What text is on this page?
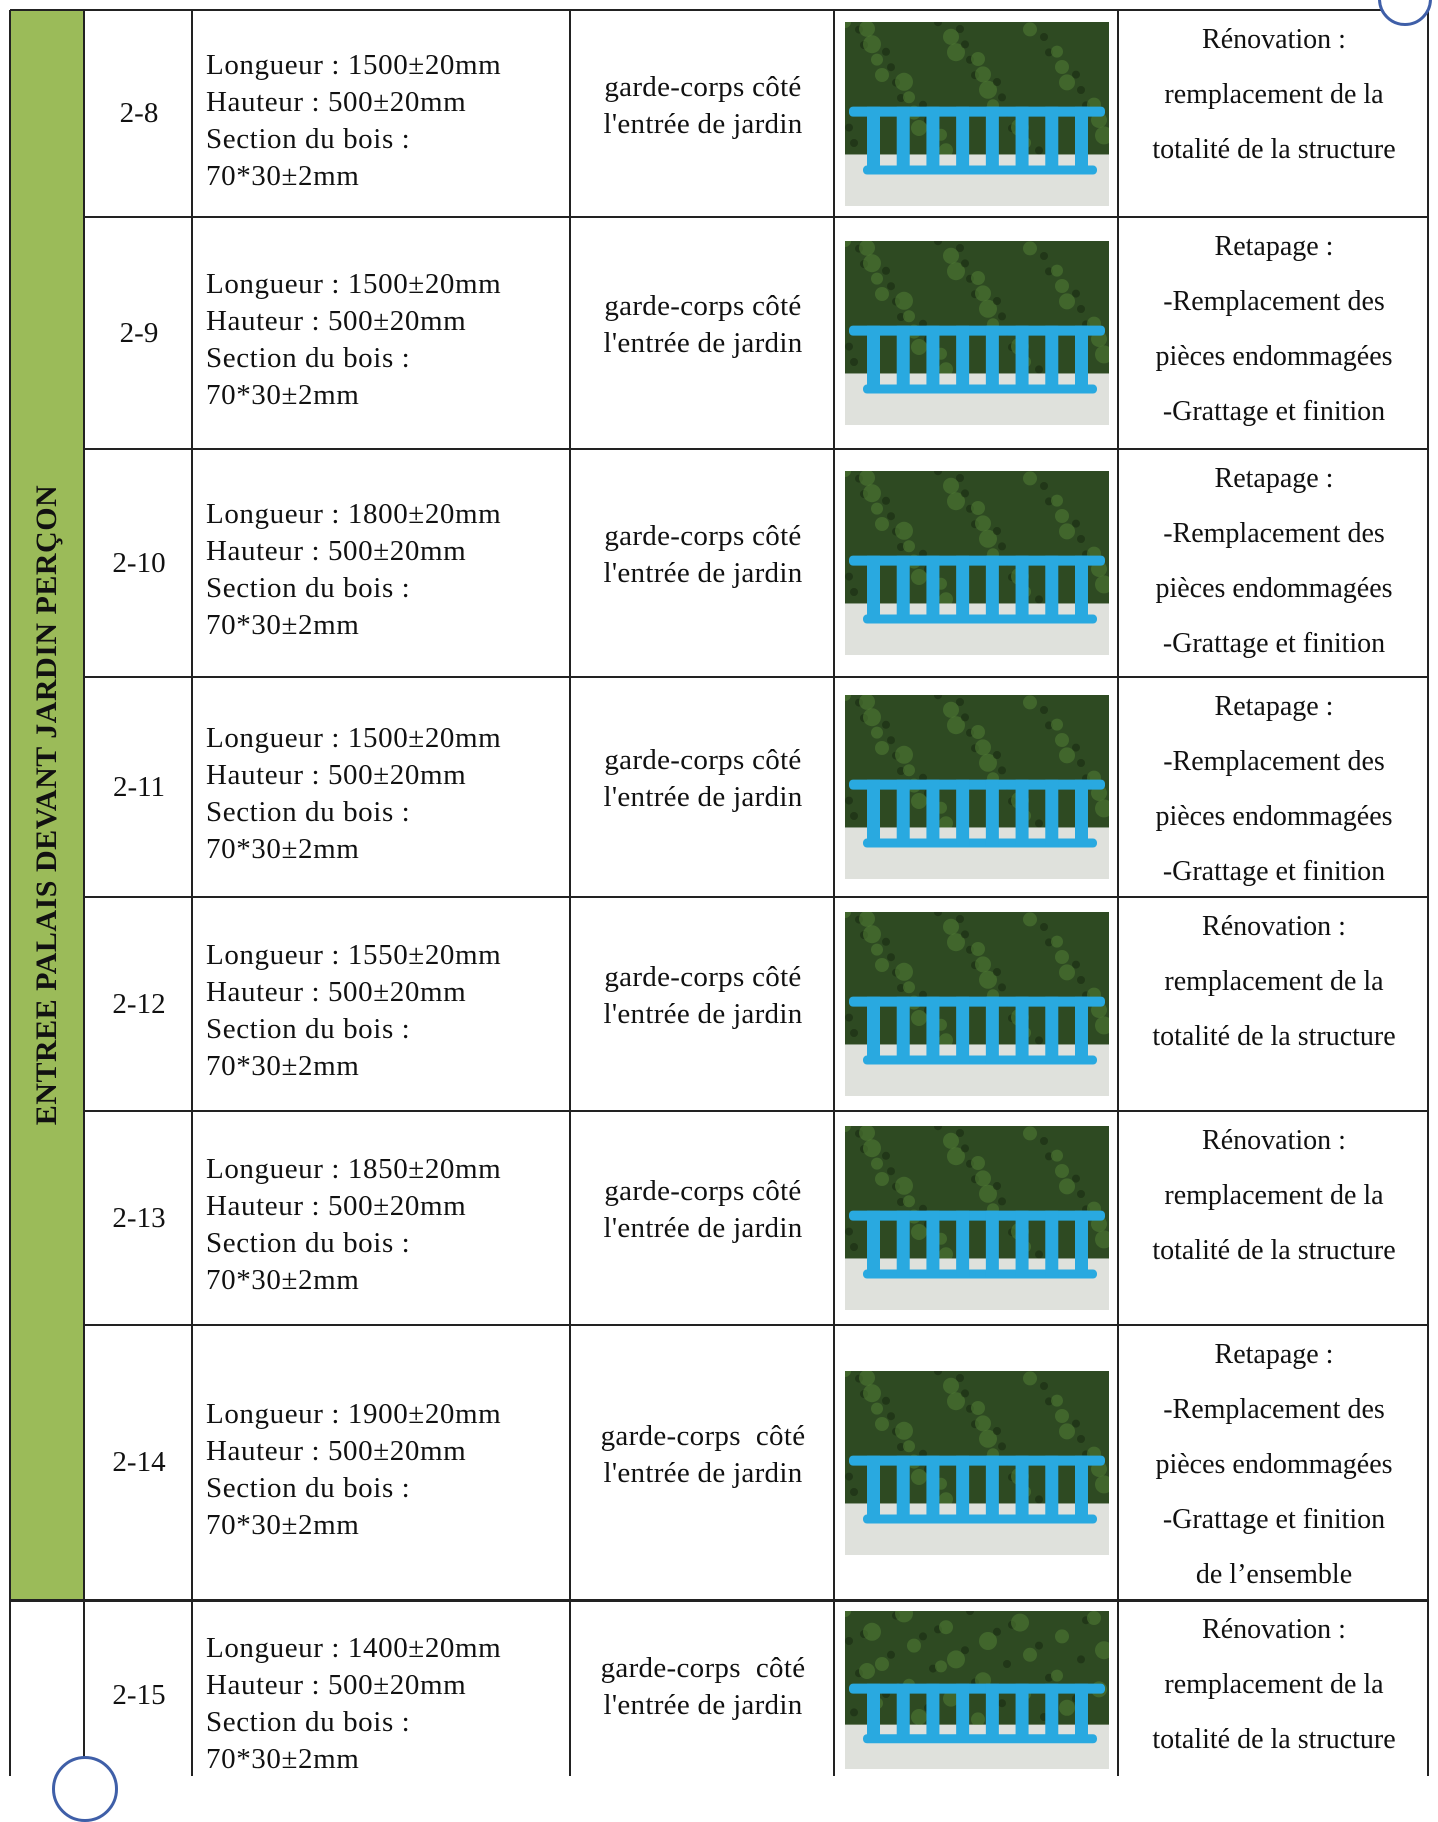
ENTREE PALAIS DEVANT JARDIN PERÇON
2-8
Longueur : 1500±20mm
Hauteur : 500±20mm
Section du bois :
70*30±2mm
garde-corps côté
l'entrée de jardin
Rénovation :
remplacement de la
totalité de la structure
2-9
Longueur : 1500±20mm
Hauteur : 500±20mm
Section du bois :
70*30±2mm
garde-corps côté
l'entrée de jardin
Retapage :
-Remplacement des
pièces endommagées
-Grattage et finition
2-10
Longueur : 1800±20mm
Hauteur : 500±20mm
Section du bois :
70*30±2mm
garde-corps côté
l'entrée de jardin
Retapage :
-Remplacement des
pièces endommagées
-Grattage et finition
2-11
Longueur : 1500±20mm
Hauteur : 500±20mm
Section du bois :
70*30±2mm
garde-corps côté
l'entrée de jardin
Retapage :
-Remplacement des
pièces endommagées
-Grattage et finition
2-12
Longueur : 1550±20mm
Hauteur : 500±20mm
Section du bois :
70*30±2mm
garde-corps côté
l'entrée de jardin
Rénovation :
remplacement de la
totalité de la structure
2-13
Longueur : 1850±20mm
Hauteur : 500±20mm
Section du bois :
70*30±2mm
garde-corps côté
l'entrée de jardin
Rénovation :
remplacement de la
totalité de la structure
2-14
Longueur : 1900±20mm
Hauteur : 500±20mm
Section du bois :
70*30±2mm
garde-corps  côté
l'entrée de jardin
Retapage :
-Remplacement des
pièces endommagées
-Grattage et finition
de l’ensemble
2-15
Longueur : 1400±20mm
Hauteur : 500±20mm
Section du bois :
70*30±2mm
garde-corps  côté
l'entrée de jardin
Rénovation :
remplacement de la
totalité de la structure
